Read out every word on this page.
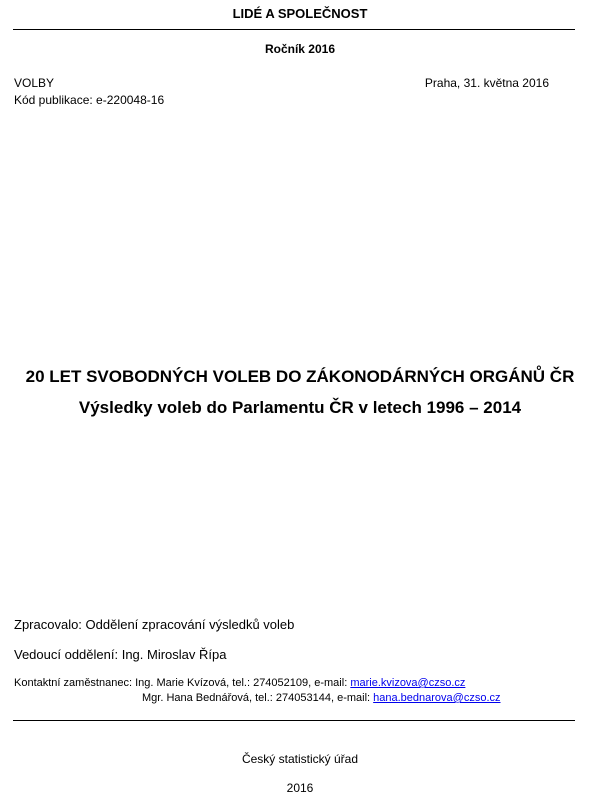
LIDÉ A SPOLEČNOST
Ročník 2016
VOLBY	Praha, 31. května 2016
Kód publikace: e-220048-16
20 LET SVOBODNÝCH VOLEB DO ZÁKONODÁRNÝCH ORGÁNŮ ČR
Výsledky voleb do Parlamentu ČR v letech 1996 – 2014
Zpracovalo: Oddělení zpracování výsledků voleb
Vedoucí oddělení: Ing. Miroslav Řípa
Kontaktní zaměstnanec: Ing. Marie Kvízová, tel.: 274052109, e-mail: marie.kvizova@czso.cz
Mgr. Hana Bednářová, tel.: 274053144, e-mail: hana.bednarova@czso.cz
Český statistický úřad
2016
